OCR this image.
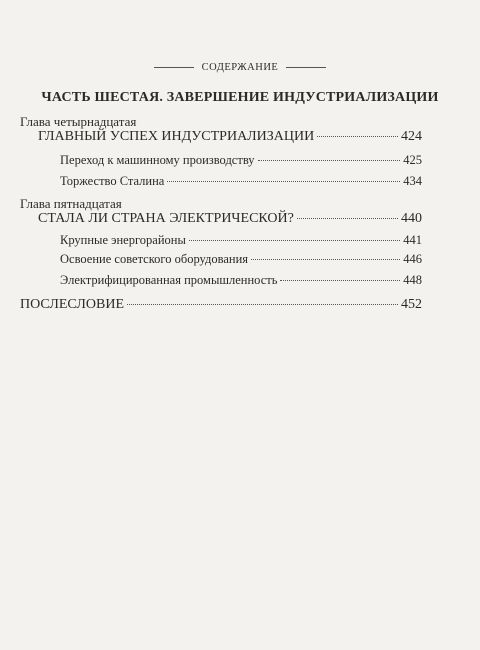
СОДЕРЖАНИЕ
ЧАСТЬ ШЕСТАЯ. ЗАВЕРШЕНИЕ ИНДУСТРИАЛИЗАЦИИ
Глава четырнадцатая
ГЛАВНЫЙ УСПЕХ ИНДУСТРИАЛИЗАЦИИ	424
Переход к машинному производству	425
Торжество Сталина	434
Глава пятнадцатая
СТАЛА ЛИ СТРАНА ЭЛЕКТРИЧЕСКОЙ?	440
Крупные энергорайоны	441
Освоение советского оборудования	446
Электрифицированная промышленность	448
ПОСЛЕСЛОВИЕ	452
